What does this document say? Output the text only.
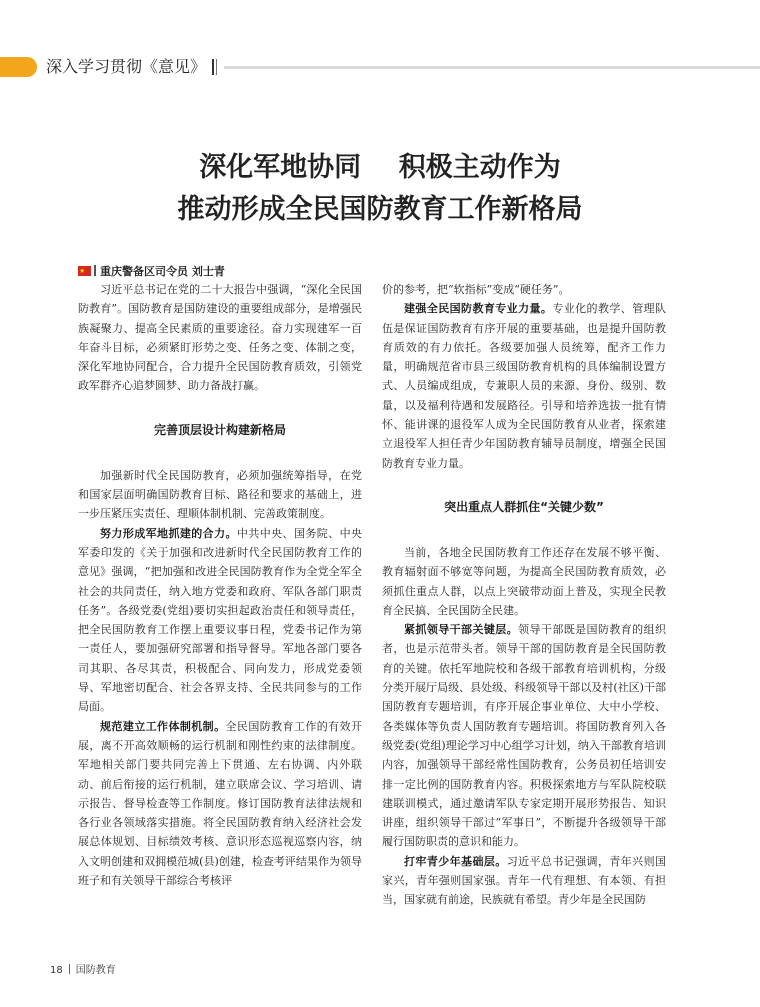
深入学习贯彻《意见》
深化军地协同    积极主动作为
推动形成全民国防教育工作新格局
★重庆警备区司令员 刘士青

习近平总书记在党的二十大报告中强调，“深化全民国防教育”。国防教育是国防建设的重要组成部分，是增强民族凝聚力、提高全民素质的重要途径。奋力实现建军一百年奋斗目标，必须紧盯形势之变、任务之变、体制之变，深化军地协同配合，合力提升全民国防教育质效，引领党政军群齐心追梦圆梦、助力备战打赢。

完善顶层设计构建新格局

加强新时代全民国防教育，必须加强统筹指导，在党和国家层面明确国防教育目标、路径和要求的基础上，进一步压紧压实责任、理顺体制机制、完善政策制度。

努力形成军地抓建的合力。中共中央、国务院、中央军委印发的《关于加强和改进新时代全民国防教育工作的意见》强调，“把加强和改进全民国防教育作为全党全军全社会的共同责任，纳入地方党委和政府、军队各部门职责任务”。各级党委(党组)要切实担起政治责任和领导责任，把全民国防教育工作摆上重要议事日程，党委书记作为第一责任人，要加强研究部署和指导督导。军地各部门要各司其职、各尽其责，积极配合、同向发力，形成党委领导、军地密切配合、社会各界支持、全民共同参与的工作局面。

规范建立工作体制机制。全民国防教育工作的有效开展，离不开高效顺畅的运行机制和刚性约束的法律制度。军地相关部门要共同完善上下贯通、左右协调、内外联动、前后衔接的运行机制，建立联席会议、学习培训、请示报告、督导检查等工作制度。修订国防教育法律法规和各行业各领域落实措施。将全民国防教育纳入经济社会发展总体规划、目标绩效考核、意识形态巡视巡察内容，纳入文明创建和双拥模范城(县)创建，检查考评结果作为领导班子和有关领导干部综合考核评

价的参考，把“软指标”变成“硬任务”。

建强全民国防教育专业力量。专业化的教学、管理队伍是保证国防教育有序开展的重要基础，也是提升国防教育质效的有力依托。各级要加强人员统筹，配齐工作力量，明确规范省市县三级国防教育机构的具体编制设置方式、人员编成组成，专兼职人员的来源、身份、级别、数量，以及福利待遇和发展路径。引导和培养选拔一批有情怀、能讲课的退役军人成为全民国防教育从业者，探索建立退役军人担任青少年国防教育辅导员制度，增强全民国防教育专业力量。

突出重点人群抓住“关键少数”

当前，各地全民国防教育工作还存在发展不够平衡、教育辐射面不够宽等问题，为提高全民国防教育质效，必须抓住重点人群，以点上突破带动面上普及，实现全民教育全民搞、全民国防全民建。

紧抓领导干部关键层。领导干部既是国防教育的组织者，也是示范带头者。领导干部的国防教育是全民国防教育的关键。依托军地院校和各级干部教育培训机构，分级分类开展厅局级、县处级、科级领导干部以及村(社区)干部国防教育专题培训，有序开展企事业单位、大中小学校、各类媒体等负责人国防教育专题培训。将国防教育列入各级党委(党组)理论学习中心组学习计划，纳入干部教育培训内容，加强领导干部经常性国防教育，公务员初任培训安排一定比例的国防教育内容。积极探索地方与军队院校联建联训模式，通过邀请军队专家定期开展形势报告、知识讲座，组织领导干部过“军事日”，不断提升各级领导干部履行国防职责的意识和能力。

打牢青少年基础层。习近平总书记强调，青年兴则国家兴，青年强则国家强。青年一代有理想、有本领、有担当，国家就有前途，民族就有希望。青少年是全民国防

18 国防教育
